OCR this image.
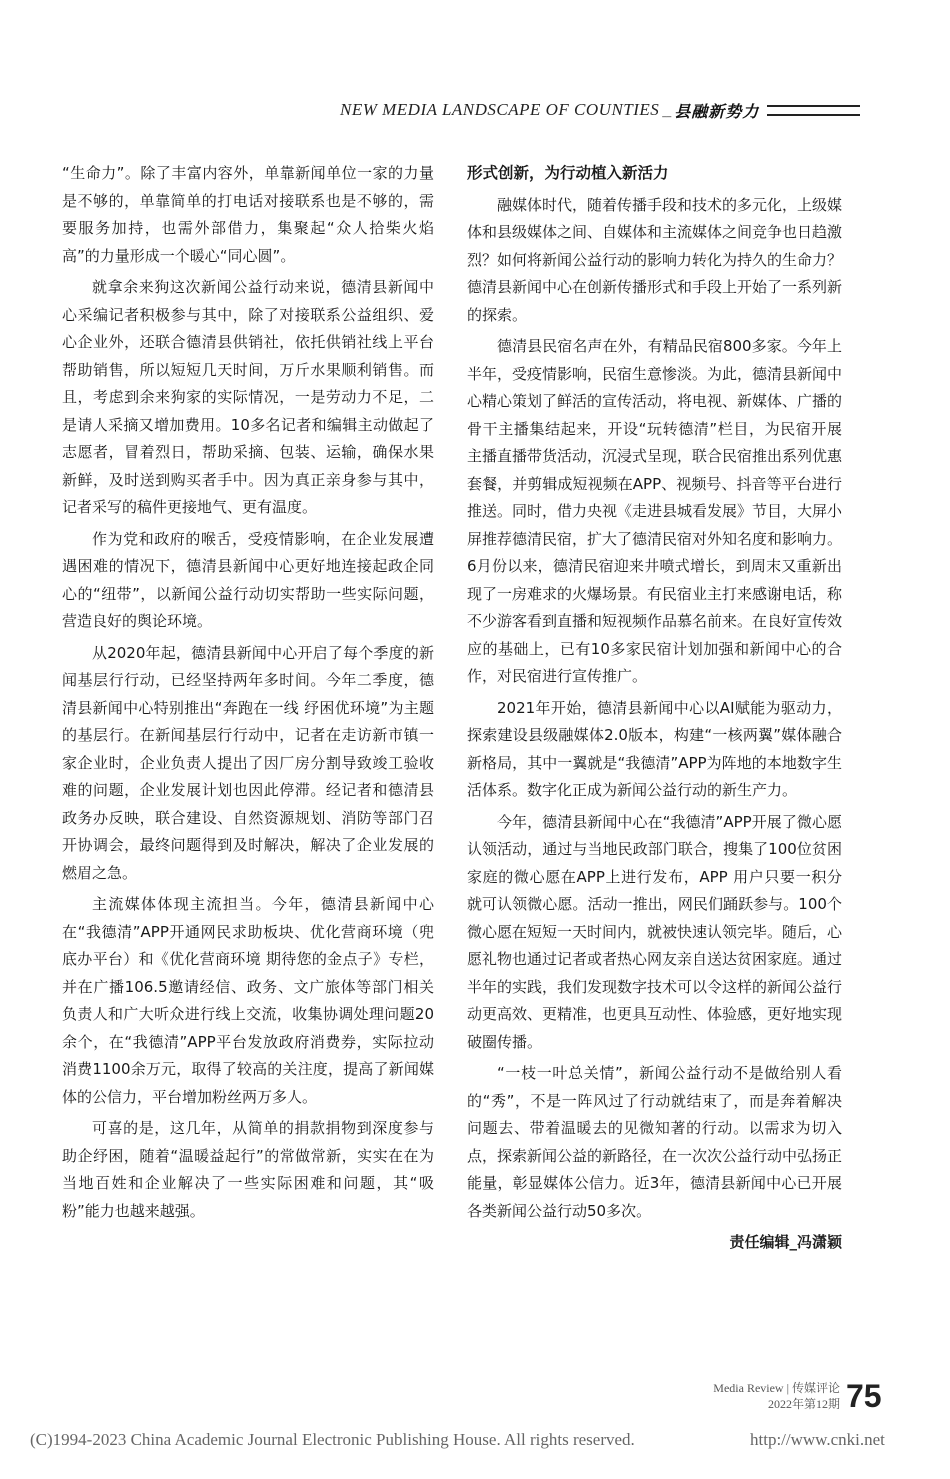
NEW MEDIA LANDSCAPE OF COUNTIES __ 县融新势力

“生命力”。除了丰富内容外，单靠新闻单位一家的力量是不够的，单靠简单的打电话对接联系也是不够的，需要服务加持，也需外部借力，集聚起“众人拾柴火焰高”的力量形成一个暖心“同心圆”。

就拿余来狗这次新闻公益行动来说，德清县新闻中心采编记者积极参与其中，除了对接联系公益组织、爱心企业外，还联合德清县供销社，依托供销社线上平台帮助销售，所以短短几天时间，万斤水果顺利销售。而且，考虑到余来狗家的实际情况，一是劳动力不足，二是请人采摘又增加费用。10多名记者和编辑主动做起了志愿者，冒着烈日，帮助采摘、包装、运输，确保水果新鲜，及时送到购买者手中。因为真正亲身参与其中，记者采写的稿件更接地气、更有温度。

作为党和政府的喉舌，受疫情影响，在企业发展遭遇困难的情况下，德清县新闻中心更好地连接起政企同心的“纽带”，以新闻公益行动切实帮助一些实际问题，营造良好的舆论环境。

从2020年起，德清县新闻中心开启了每个季度的新闻基层行行动，已经坚持两年多时间。今年二季度，德清县新闻中心特别推出“奔跑在一线 纾困优环境”为主题的基层行。在新闻基层行行动中，记者在走访新市镇一家企业时，企业负责人提出了因厂房分割导致竣工验收难的问题，企业发展计划也因此停滞。经记者和德清县政务办反映，联合建设、自然资源规划、消防等部门召开协调会，最终问题得到及时解决，解决了企业发展的燃眉之急。

主流媒体体现主流担当。今年，德清县新闻中心在“我德清”APP开通网民求助板块、优化营商环境（兜底办平台）和《优化营商环境 期待您的金点子》专栏，并在广播106.5邀请经信、政务、文广旅体等部门相关负责人和广大听众进行线上交流，收集协调处理问题20余个，在“我德清”APP平台发放政府消费券，实际拉动消费1100余万元，取得了较高的关注度，提高了新闻媒体的公信力，平台增加粉丝两万多人。

可喜的是，这几年，从简单的捐款捐物到深度参与助企纾困，随着“温暖益起行”的常做常新，实实在在为当地百姓和企业解决了一些实际困难和问题，其“吸粉”能力也越来越强。

形式创新，为行动植入新活力

融媒体时代，随着传播手段和技术的多元化，上级媒体和县级媒体之间、自媒体和主流媒体之间竞争也日趋激烈？如何将新闻公益行动的影响力转化为持久的生命力？德清县新闻中心在创新传播形式和手段上开始了一系列新的探索。

德清县民宿名声在外，有精品民宿800多家。今年上半年，受疫情影响，民宿生意惨淡。为此，德清县新闻中心精心策划了鲜活的宣传活动，将电视、新媒体、广播的骨干主播集结起来，开设“玩转德清”栏目，为民宿开展主播直播带货活动，沉浸式呈现，联合民宿推出系列优惠套餐，并剪辑成短视频在APP、视频号、抖音等平台进行推送。同时，借力央视《走进县城看发展》节目，大屏小屏推荐德清民宿，扩大了德清民宿对外知名度和影响力。6月份以来，德清民宿迎来井喷式增长，到周末又重新出现了一房难求的火爆场景。有民宿业主打来感谢电话，称不少游客看到直播和短视频作品慕名前来。在良好宣传效应的基础上，已有10多家民宿计划加强和新闻中心的合作，对民宿进行宣传推广。

2021年开始，德清县新闻中心以AI赋能为驱动力，探索建设县级融媒体2.0版本，构建“一核两翼”媒体融合新格局，其中一翼就是“我德清”APP为阵地的本地数字生活体系。数字化正成为新闻公益行动的新生产力。

今年，德清县新闻中心在“我德清”APP开展了微心愿认领活动，通过与当地民政部门联合，搜集了100位贫困家庭的微心愿在APP上进行发布，APP 用户只要一积分就可认领微心愿。活动一推出，网民们踊跃参与。100个微心愿在短短一天时间内，就被快速认领完毕。随后，心愿礼物也通过记者或者热心网友亲自送达贫困家庭。通过半年的实践，我们发现数字技术可以令这样的新闻公益行动更高效、更精准，也更具互动性、体验感，更好地实现破圈传播。

“一枝一叶总关情”，新闻公益行动不是做给别人看的“秀”，不是一阵风过了行动就结束了，而是奔着解决问题去、带着温暖去的见微知著的行动。以需求为切入点，探索新闻公益的新路径，在一次次公益行动中弘扬正能量，彰显媒体公信力。近3年，德清县新闻中心已开展各类新闻公益行动50多次。

责任编辑_冯潇颖
Media Review | 传媒评论
2022年第12期 75
(C)1994-2023 China Academic Journal Electronic Publishing House. All rights reserved.	http://www.cnki.net
